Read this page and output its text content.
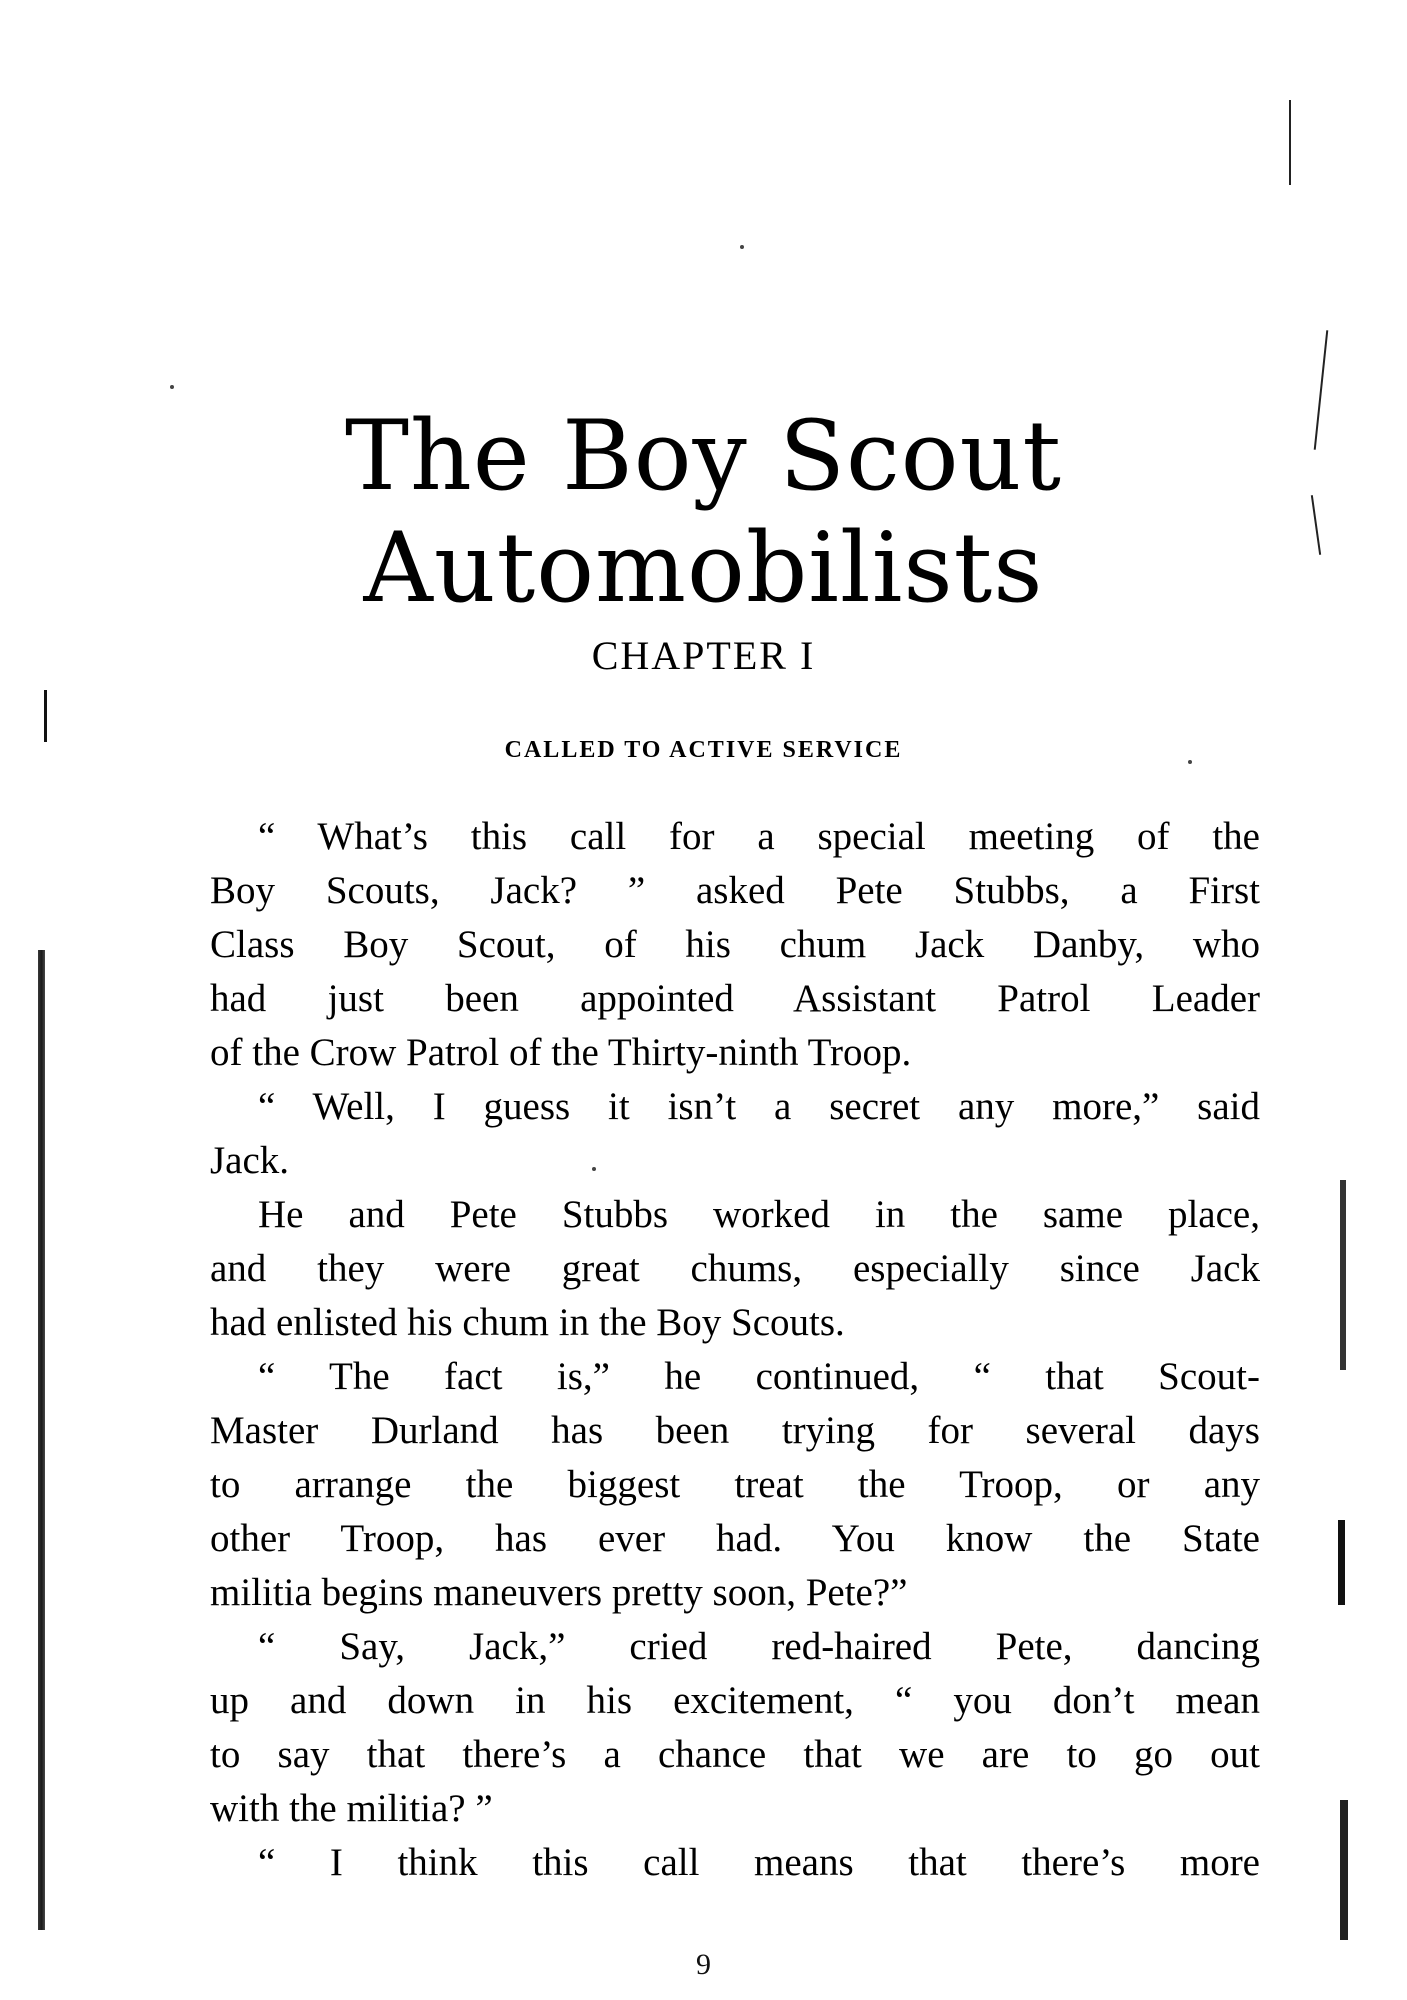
The Boy Scout
Automobilists
CHAPTER I
CALLED TO ACTIVE SERVICE
“ What’s this call for a special meeting of the
Boy Scouts, Jack? ” asked Pete Stubbs, a First
Class Boy Scout, of his chum Jack Danby, who
had just been appointed Assistant Patrol Leader
of the Crow Patrol of the Thirty-ninth Troop.
“ Well, I guess it isn’t a secret any more,” said
Jack.
He and Pete Stubbs worked in the same place,
and they were great chums, especially since Jack
had enlisted his chum in the Boy Scouts.
“ The fact is,” he continued, “ that Scout-
Master Durland has been trying for several days
to arrange the biggest treat the Troop, or any
other Troop, has ever had. You know the State
militia begins maneuvers pretty soon, Pete?”
“ Say, Jack,” cried red-haired Pete, dancing
up and down in his excitement, “ you don’t mean
to say that there’s a chance that we are to go out
with the militia? ”
“ I think this call means that there’s more
9
